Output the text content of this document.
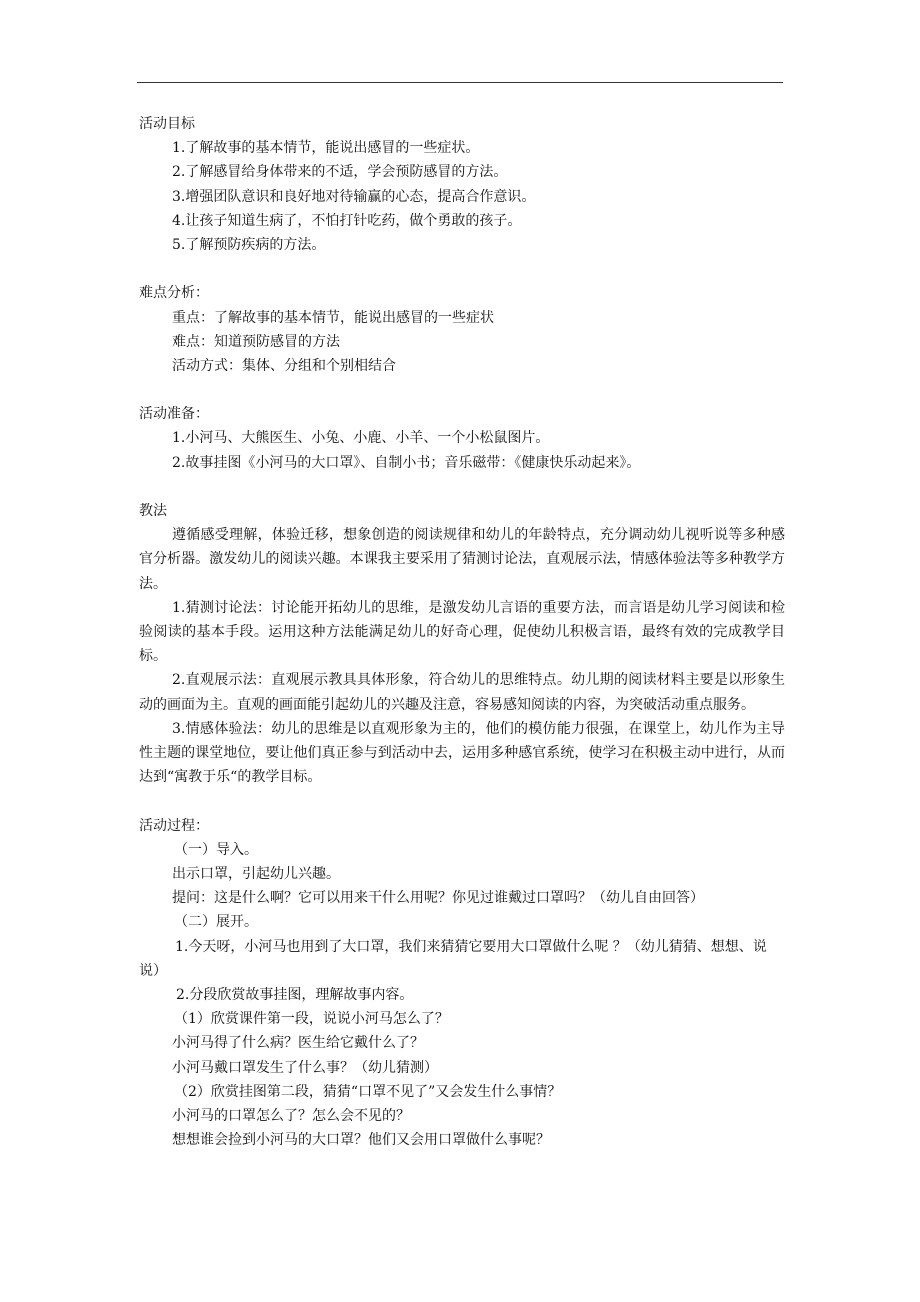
活动目标
1.了解故事的基本情节，能说出感冒的一些症状。
2.了解感冒给身体带来的不适，学会预防感冒的方法。
3.增强团队意识和良好地对待输赢的心态，提高合作意识。
4.让孩子知道生病了，不怕打针吃药，做个勇敢的孩子。
5.了解预防疾病的方法。
难点分析：
重点：了解故事的基本情节，能说出感冒的一些症状
难点：知道预防感冒的方法
活动方式：集体、分组和个别相结合
活动准备：
1.小河马、大熊医生、小兔、小鹿、小羊、一个小松鼠图片。
2.故事挂图《小河马的大口罩》、自制小书；音乐磁带：《健康快乐动起来》。
教法

遵循感受理解，体验迁移，想象创造的阅读规律和幼儿的年龄特点，充分调动幼儿视听说等多种感官分析器。激发幼儿的阅读兴趣。本课我主要采用了猜测讨论法，直观展示法，情感体验法等多种教学方法。

1.猜测讨论法：讨论能开拓幼儿的思维，是激发幼儿言语的重要方法，而言语是幼儿学习阅读和检验阅读的基本手段。运用这种方法能满足幼儿的好奇心理，促使幼儿积极言语，最终有效的完成教学目标。

2.直观展示法：直观展示教具具体形象，符合幼儿的思维特点。幼儿期的阅读材料主要是以形象生动的画面为主。直观的画面能引起幼儿的兴趣及注意，容易感知阅读的内容，为突破活动重点服务。

3.情感体验法：幼儿的思维是以直观形象为主的，他们的模仿能力很强，在课堂上，幼儿作为主导性主题的课堂地位，要让他们真正参与到活动中去，运用多种感官系统，使学习在积极主动中进行，从而达到“寓教于乐“的教学目标。

活动过程：
（一）导入。
出示口罩，引起幼儿兴趣。
提问：这是什么啊？它可以用来干什么用呢？你见过谁戴过口罩吗？（幼儿自由回答）
（二）展开。

1.今天呀，小河马也用到了大口罩，我们来猜猜它要用大口罩做什么呢 ？（幼儿猜猜、想想、说说）

2.分段欣赏故事挂图，理解故事内容。
（1）欣赏课件第一段，说说小河马怎么了？
小河马得了什么病？医生给它戴什么了？
小河马戴口罩发生了什么事？（幼儿猜测）
（2）欣赏挂图第二段，猜猜“口罩不见了”又会发生什么事情？
小河马的口罩怎么了？怎么会不见的？
想想谁会捡到小河马的大口罩？他们又会用口罩做什么事呢？
